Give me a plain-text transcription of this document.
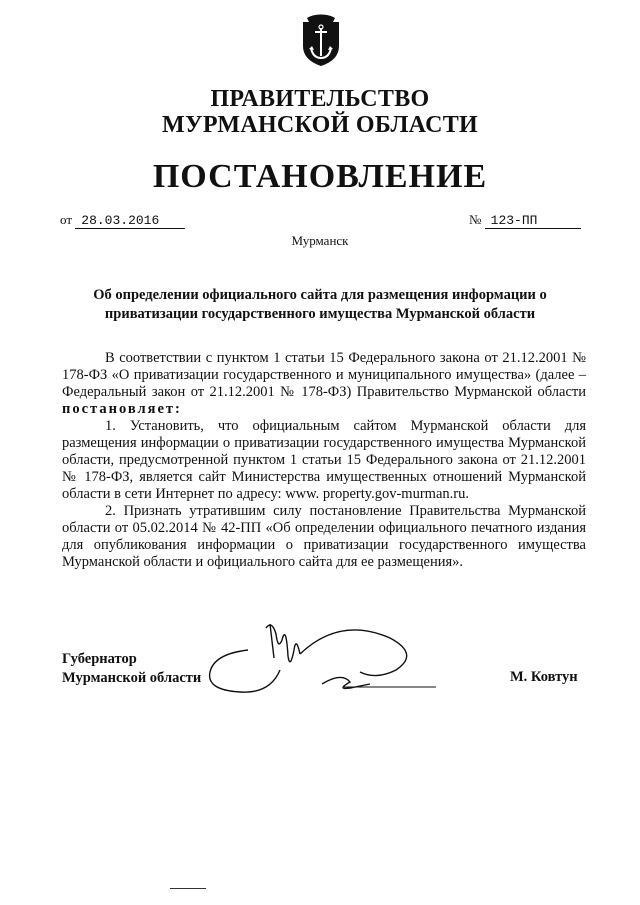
ПРАВИТЕЛЬСТВО
МУРМАНСКОЙ ОБЛАСТИ
ПОСТАНОВЛЕНИЕ
от 28.03.2016	№ 123-ПП
Мурманск
Об определении официального сайта для размещения информации о
приватизации государственного имущества Мурманской области

В соответствии с пунктом 1 статьи 15 Федерального закона от 21.12.2001 № 178-ФЗ «О приватизации государственного и муниципального имущества» (далее – Федеральный закон от 21.12.2001 № 178-ФЗ) Правительство Мурманской области постановляет:

1. Установить, что официальным сайтом Мурманской области для размещения информации о приватизации государственного имущества Мурманской области, предусмотренной пунктом 1 статьи 15 Федерального закона от 21.12.2001 № 178-ФЗ, является сайт Министерства имущественных отношений Мурманской области в сети Интернет по адресу: www. property.gov-murman.ru.

2. Признать утратившим силу постановление Правительства Мурманской области от 05.02.2014 № 42-ПП «Об определении официального печатного издания для опубликования информации о приватизации государственного имущества Мурманской области и официального сайта для ее размещения».

Губернатор
Мурманской области	М. Ковтун
